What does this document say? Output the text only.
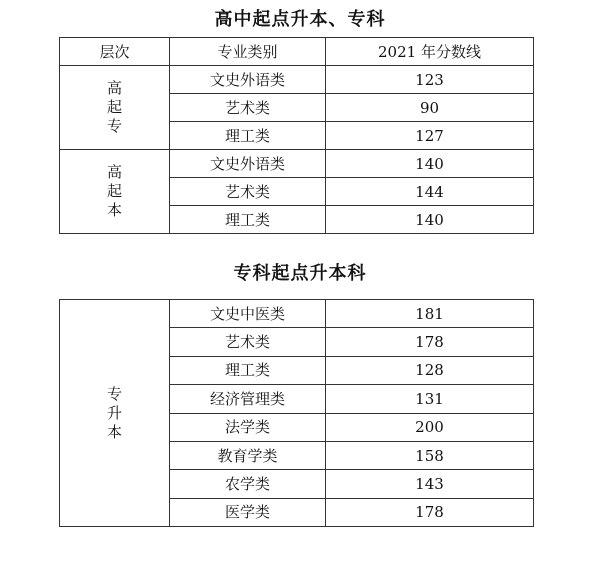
高中起点升本、专科
层次	专业类别	2021 年分数线
高起专	文史外语类	123
	艺术类	90
	理工类	127
高起本	文史外语类	140
	艺术类	144
	理工类	140
专科起点升本科
专升本	文史中医类	181
	艺术类	178
	理工类	128
	经济管理类	131
	法学类	200
	教育学类	158
	农学类	143
	医学类	178
